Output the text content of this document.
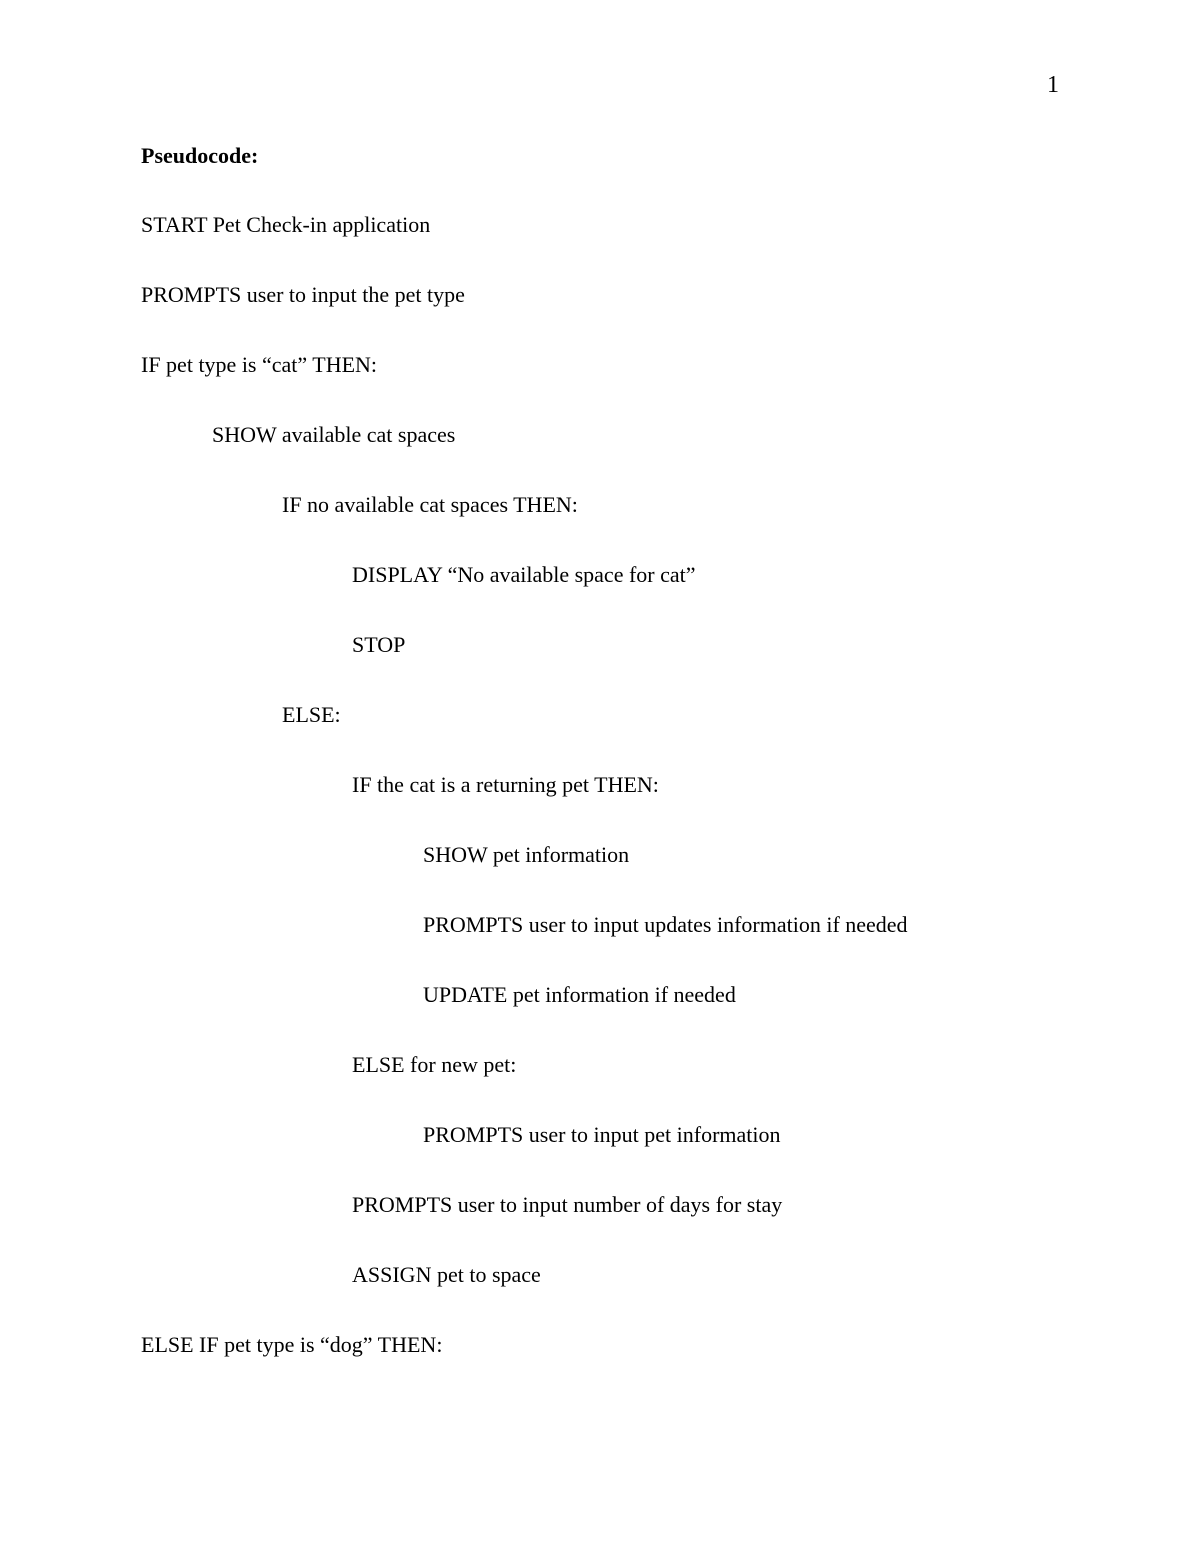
1
Pseudocode:
START Pet Check-in application
PROMPTS user to input the pet type
IF pet type is “cat” THEN:
SHOW available cat spaces
IF no available cat spaces THEN:
DISPLAY “No available space for cat”
STOP
ELSE:
IF the cat is a returning pet THEN:
SHOW pet information
PROMPTS user to input updates information if needed
UPDATE pet information if needed
ELSE for new pet:
PROMPTS user to input pet information
PROMPTS user to input number of days for stay
ASSIGN pet to space
ELSE IF pet type is “dog” THEN:
